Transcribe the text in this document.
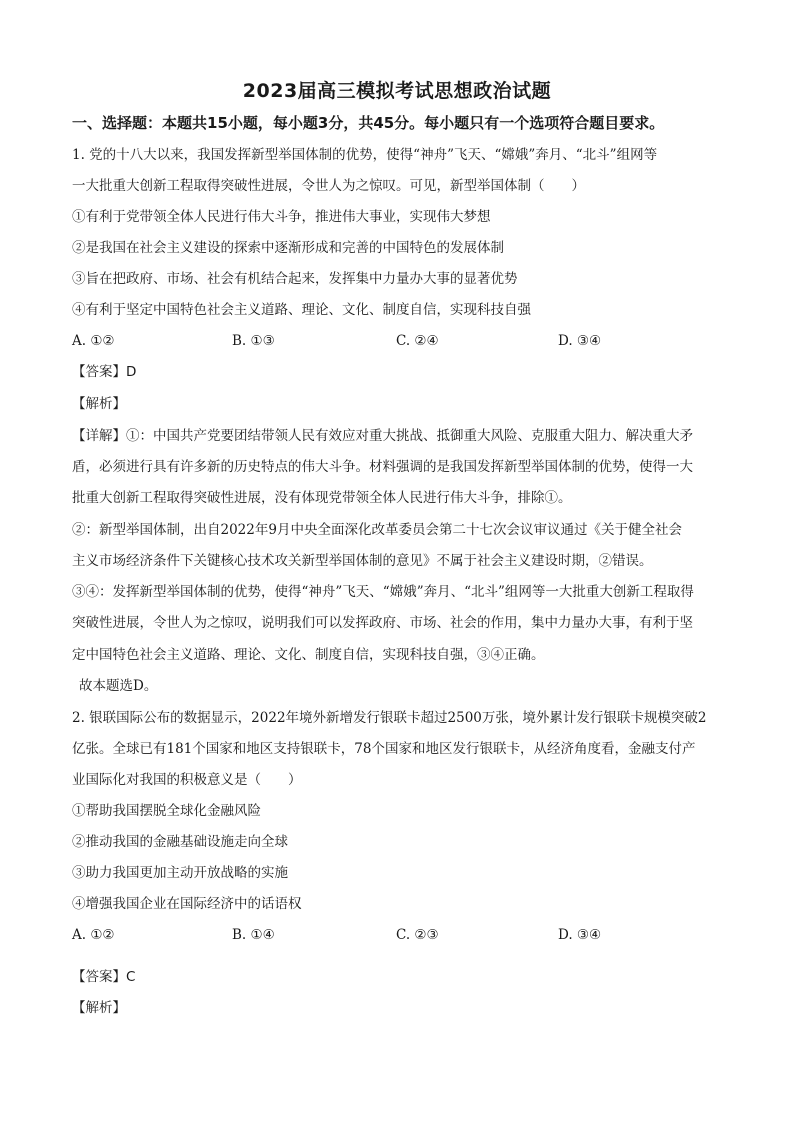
2023届高三模拟考试思想政治试题
一、选择题：本题共15小题，每小题3分，共45分。每小题只有一个选项符合题目要求。
1. 党的十八大以来，我国发挥新型举国体制的优势，使得“神舟”飞天、“嫦娥”奔月、“北斗”组网等
一大批重大创新工程取得突破性进展，令世人为之惊叹。可见，新型举国体制（　　）
①有利于党带领全体人民进行伟大斗争，推进伟大事业，实现伟大梦想
②是我国在社会主义建设的探索中逐渐形成和完善的中国特色的发展体制
③旨在把政府、市场、社会有机结合起来，发挥集中力量办大事的显著优势
④有利于坚定中国特色社会主义道路、理论、文化、制度自信，实现科技自强
A. ①②	B. ①③	C. ②④	D. ③④
【答案】D
【解析】
【详解】①：中国共产党要团结带领人民有效应对重大挑战、抵御重大风险、克服重大阻力、解决重大矛
盾，必须进行具有许多新的历史特点的伟大斗争。材料强调的是我国发挥新型举国体制的优势，使得一大
批重大创新工程取得突破性进展，没有体现党带领全体人民进行伟大斗争，排除①。
②：新型举国体制，出自2022年9月中央全面深化改革委员会第二十七次会议审议通过《关于健全社会
主义市场经济条件下关键核心技术攻关新型举国体制的意见》不属于社会主义建设时期，②错误。
③④：发挥新型举国体制的优势，使得“神舟”飞天、“嫦娥”奔月、“北斗”组网等一大批重大创新工程取得
突破性进展，令世人为之惊叹，说明我们可以发挥政府、市场、社会的作用，集中力量办大事，有利于坚
定中国特色社会主义道路、理论、文化、制度自信，实现科技自强，③④正确。
故本题选D。
2. 银联国际公布的数据显示，2022年境外新增发行银联卡超过2500万张，境外累计发行银联卡规模突破2
亿张。全球已有181个国家和地区支持银联卡，78个国家和地区发行银联卡，从经济角度看，金融支付产
业国际化对我国的积极意义是（　　）
①帮助我国摆脱全球化金融风险
②推动我国的金融基础设施走向全球
③助力我国更加主动开放战略的实施
④增强我国企业在国际经济中的话语权
A. ①②	B. ①④	C. ②③	D. ③④
【答案】C
【解析】
